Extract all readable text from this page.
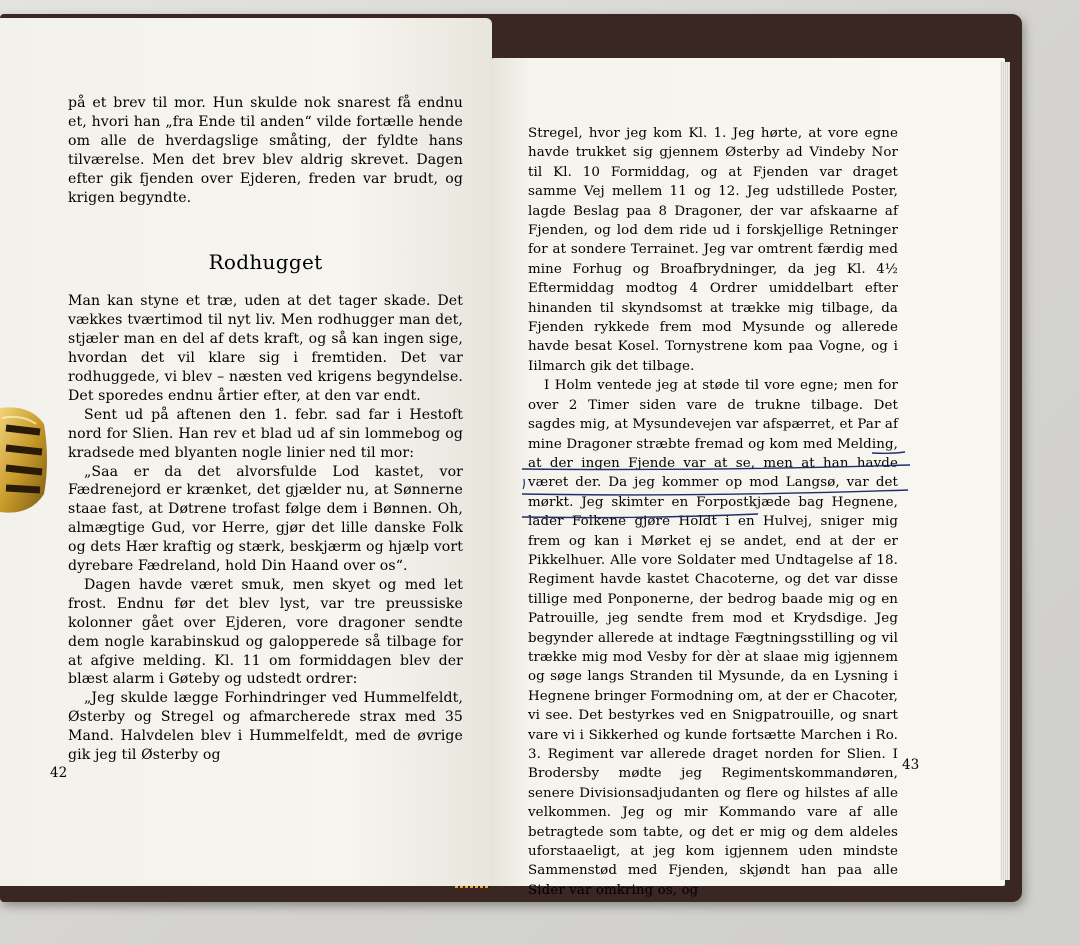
på et brev til mor. Hun skulde nok snarest få endnu et, hvori han „fra Ende til anden“ vilde fortælle hende om alle de hverdagslige småting, der fyldte hans tilværelse. Men det brev blev aldrig skrevet. Dagen efter gik fjenden over Ejderen, freden var brudt, og krigen begyndte.

Rodhugget

Man kan styne et træ, uden at det tager skade. Det vækkes tværtimod til nyt liv. Men rodhugger man det, stjæler man en del af dets kraft, og så kan ingen sige, hvordan det vil klare sig i fremtiden. Det var rodhuggede, vi blev – næsten ved krigens begyndelse. Det sporedes endnu årtier efter, at den var endt.

Sent ud på aftenen den 1. febr. sad far i Hestoft nord for Slien. Han rev et blad ud af sin lommebog og kradsede med blyanten nogle linier ned til mor:

„Saa er da det alvorsfulde Lod kastet, vor Fædrenejord er krænket, det gjælder nu, at Sønnerne staae fast, at Døtrene trofast følge dem i Bønnen. Oh, almægtige Gud, vor Herre, gjør det lille danske Folk og dets Hær kraftig og stærk, beskjærm og hjælp vort dyrebare Fædreland, hold Din Haand over os“.

Dagen havde været smuk, men skyet og med let frost. Endnu før det blev lyst, var tre preussiske kolonner gået over Ejderen, vore dragoner sendte dem nogle karabinskud og galopperede så tilbage for at afgive melding. Kl. 11 om formiddagen blev der blæst alarm i Gøteby og udstedt ordrer:

„Jeg skulde lægge Forhindringer ved Hummelfeldt, Østerby og Stregel og afmarcherede strax med 35 Mand. Halvdelen blev i Hummelfeldt, med de øvrige gik jeg til Østerby og

42

Stregel, hvor jeg kom Kl. 1. Jeg hørte, at vore egne havde trukket sig gjennem Østerby ad Vindeby Nor til Kl. 10 Formiddag, og at Fjenden var draget samme Vej mellem 11 og 12. Jeg udstillede Poster, lagde Beslag paa 8 Dragoner, der var afskaarne af Fjenden, og lod dem ride ud i forskjellige Retninger for at sondere Terrainet. Jeg var omtrent færdig med mine Forhug og Broafbrydninger, da jeg Kl. 4½ Eftermiddag modtog 4 Ordrer umiddelbart efter hinanden til skyndsomst at trække mig tilbage, da Fjenden rykkede frem mod Mysunde og allerede havde besat Kosel. Tornystrene kom paa Vogne, og i Iilmarch gik det tilbage.

I Holm ventede jeg at støde til vore egne; men for over 2 Timer siden vare de trukne tilbage. Det sagdes mig, at Mysundevejen var afspærret, et Par af mine Dragoner stræbte fremad og kom med Melding, at der ingen Fjende var at se, men at han havde været der. Da jeg kommer op mod Langsø, var det mørkt. Jeg skimter en Forpostkjæde bag Hegnene, lader Folkene gjøre Holdt i en Hulvej, sniger mig frem og kan i Mørket ej se andet, end at der er Pikkelhuer. Alle vore Soldater med Undtagelse af 18. Regiment havde kastet Chacoterne, og det var disse tillige med Ponponerne, der bedrog baade mig og en Patrouille, jeg sendte frem mod et Krydsdige. Jeg begynder allerede at indtage Fægtningsstilling og vil trække mig mod Vesby for dèr at slaae mig igjennem og søge langs Stranden til Mysunde, da en Lysning i Hegnene bringer Formodning om, at der er Chacoter, vi see. Det bestyrkes ved en Snigpatrouille, og snart vare vi i Sikkerhed og kunde fortsætte Marchen i Ro. 3. Regiment var allerede draget norden for Slien. I Brodersby mødte jeg Regimentskommandøren, senere Divisionsadjudanten og flere og hilstes af alle velkommen. Jeg og mir Kommando vare af alle betragtede som tabte, og det er mig og dem aldeles uforstaaeligt, at jeg kom igjennem uden mindste Sammenstød med Fjenden, skjøndt han paa alle Sider var omkring os, og

43
